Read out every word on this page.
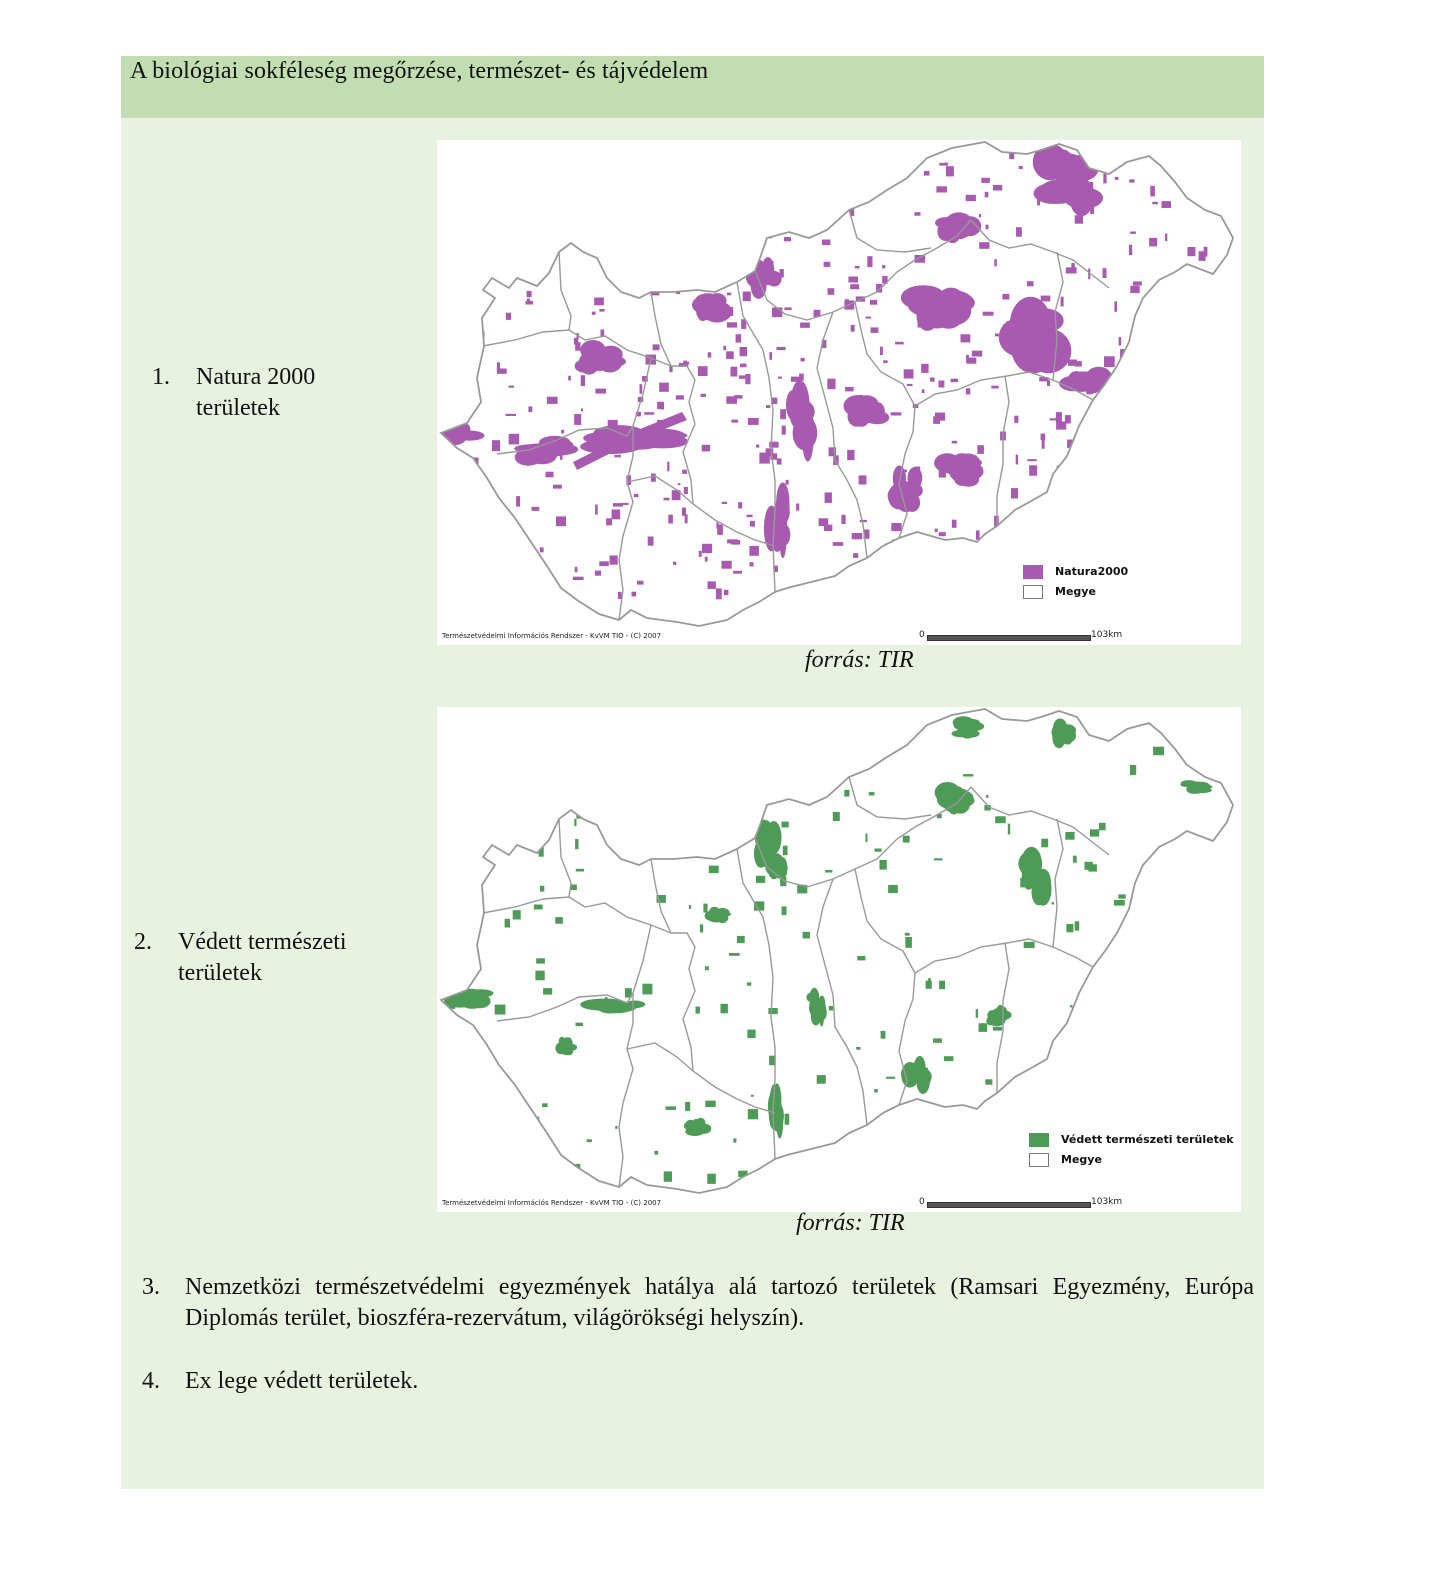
A biológiai sokféleség megőrzése, természet- és tájvédelem
1. Natura 2000
területek
Natura2000
Megye
Természetvédelmi Információs Rendszer - KvVM TIO - (C) 2007	0	103km
forrás: TIR
2. Védett természeti
területek
Védett természeti területek
Megye
Természetvédelmi Információs Rendszer - KvVM TIO - (C) 2007	0	103km
forrás: TIR
3. Nemzetközi természetvédelmi egyezmények hatálya alá tartozó területek (Ramsari Egyezmény, Európa Diplomás terület, bioszféra-rezervátum, világörökségi helyszín).
4. Ex lege védett területek.
